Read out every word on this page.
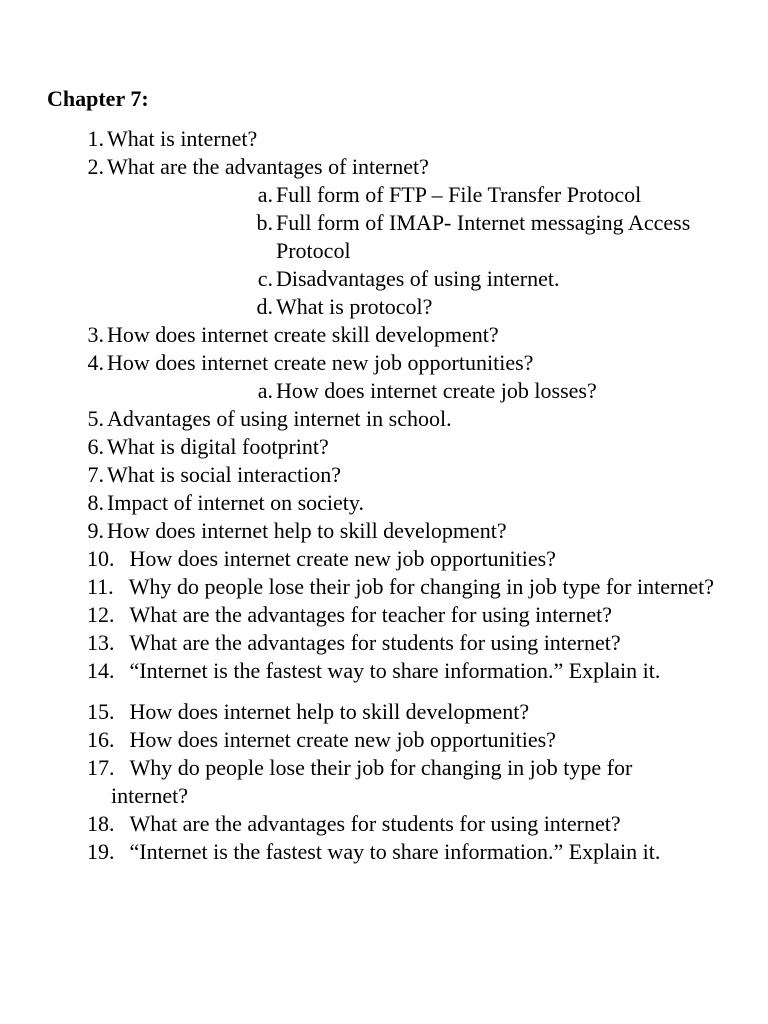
Chapter 7:
1. What is internet?
2. What are the advantages of internet?
a. Full form of FTP – File Transfer Protocol
b. Full form of IMAP- Internet messaging Access Protocol
c. Disadvantages of using internet.
d. What is protocol?
3. How does internet create skill development?
4. How does internet create new job opportunities?
a. How does internet create job losses?
5. Advantages of using internet in school.
6. What is digital footprint?
7. What is social interaction?
8. Impact of internet on society.
9. How does internet help to skill development?
10. How does internet create new job opportunities?
11. Why do people lose their job for changing in job type for internet?
12. What are the advantages for teacher for using internet?
13. What are the advantages for students for using internet?
14. “Internet is the fastest way to share information.” Explain it.
15. How does internet help to skill development?
16. How does internet create new job opportunities?
17. Why do people lose their job for changing in job type for internet?
18. What are the advantages for students for using internet?
19. “Internet is the fastest way to share information.” Explain it.
